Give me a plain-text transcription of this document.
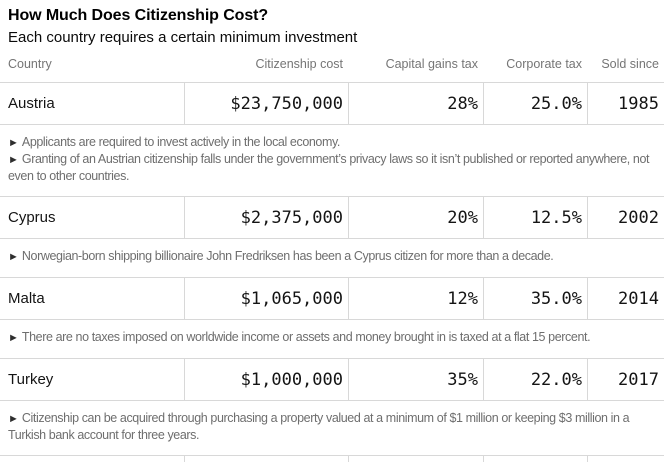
How Much Does Citizenship Cost?
Each country requires a certain minimum investment
Country	Citizenship cost	Capital gains tax	Corporate tax	Sold since
Austria	$23,750,000	28%	25.0%	1985

► Applicants are required to invest actively in the local economy.

► Granting of an Austrian citizenship falls under the government’s privacy laws so it isn’t published or reported anywhere, not even to other countries.

Cyprus	$2,375,000	20%	12.5%	2002

► Norwegian-born shipping billionaire John Fredriksen has been a Cyprus citizen for more than a decade.

Malta	$1,065,000	12%	35.0%	2014

► There are no taxes imposed on worldwide income or assets and money brought in is taxed at a flat 15 percent.

Turkey	$1,000,000	35%	22.0%	2017

► Citizenship can be acquired through purchasing a property valued at a minimum of $1 million or keeping $3 million in a Turkish bank account for three years.
